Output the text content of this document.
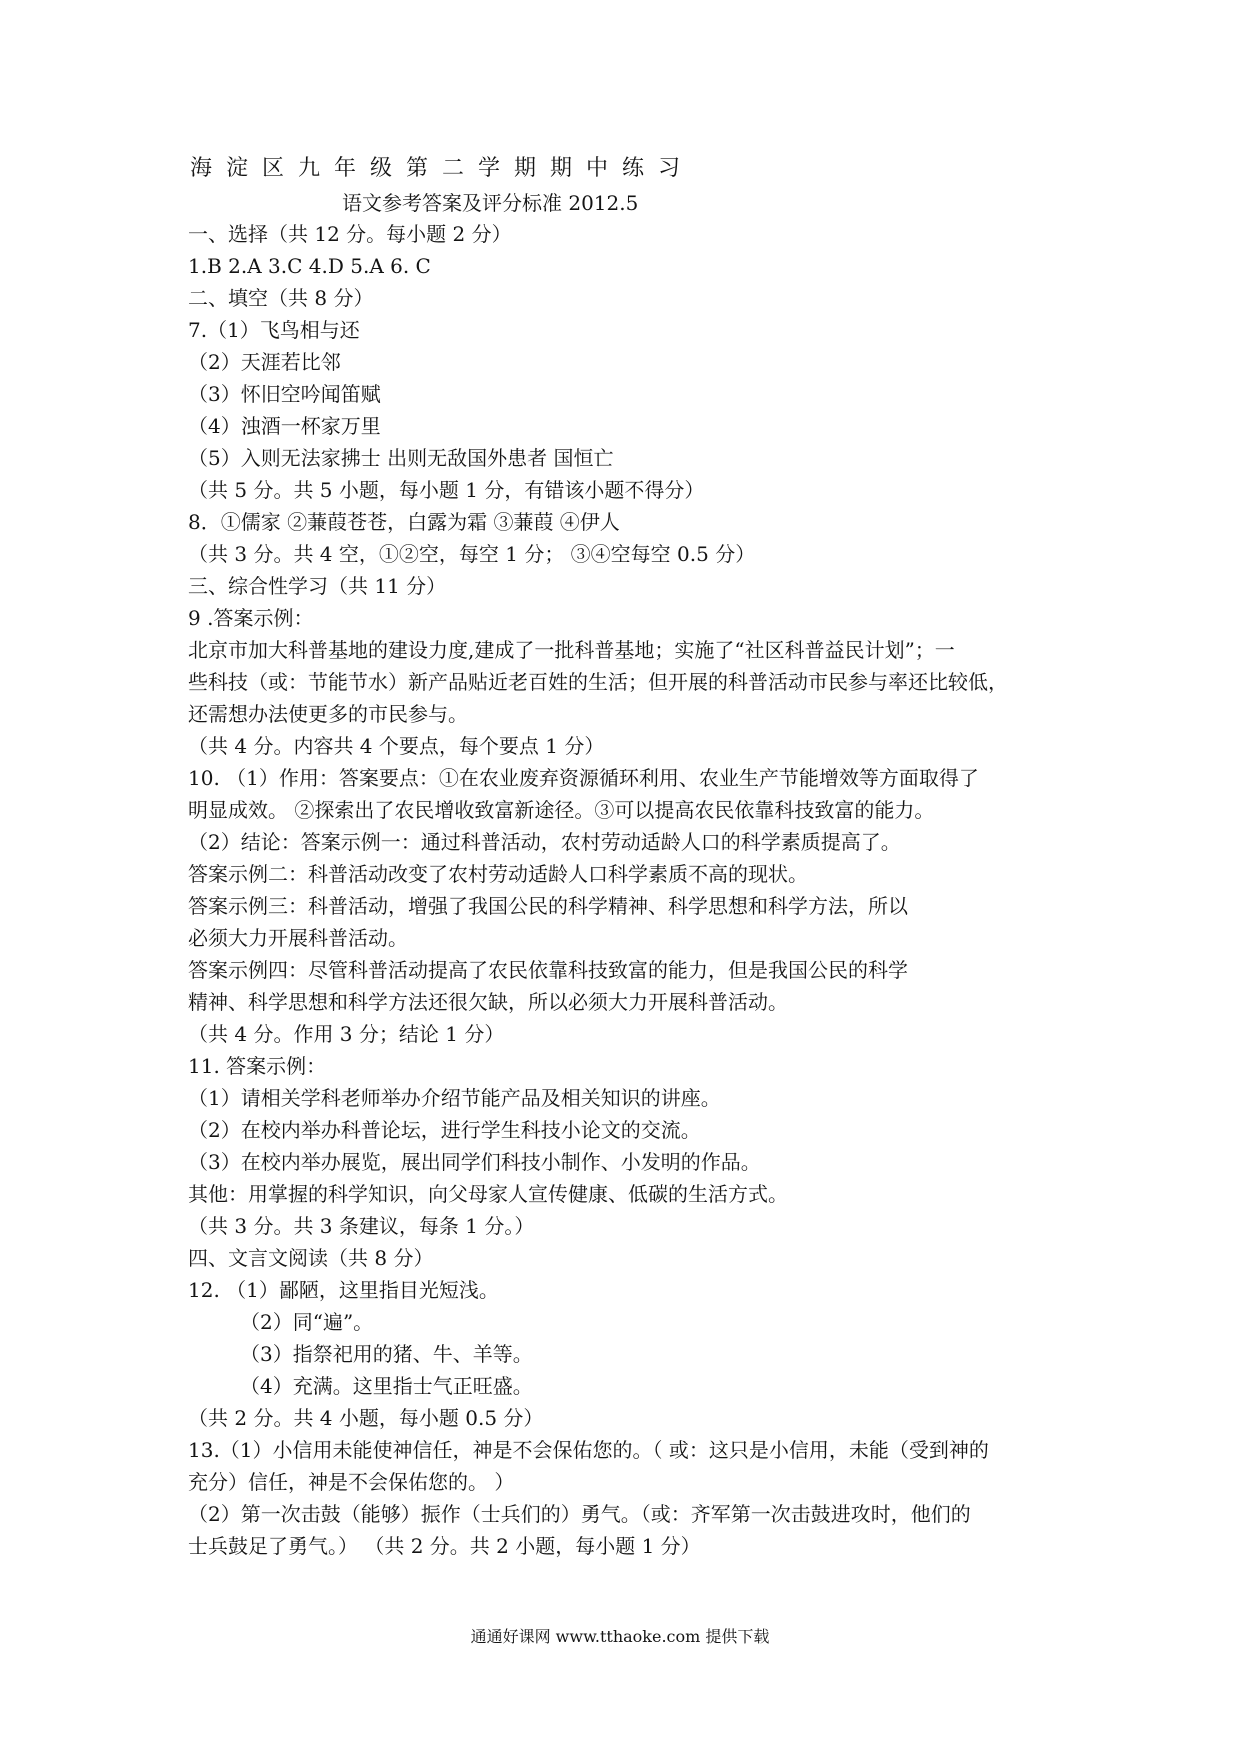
海淀区九年级第二学期期中练习
语文参考答案及评分标准 2012.5
一、选择（共 12 分。每小题 2 分）
1.B 2.A 3.C 4.D 5.A 6. C
二、填空（共 8 分）
7.（1）飞鸟相与还
（2）天涯若比邻
（3）怀旧空吟闻笛赋
（4）浊酒一杯家万里
（5）入则无法家拂士 出则无敌国外患者 国恒亡
（共 5 分。共 5 小题，每小题 1 分，有错该小题不得分）
8．①儒家 ②蒹葭苍苍，白露为霜 ③蒹葭 ④伊人
（共 3 分。共 4 空，①②空，每空 1 分； ③④空每空 0.5 分）
三、综合性学习（共 11 分）
9 .答案示例：
北京市加大科普基地的建设力度,建成了一批科普基地；实施了“社区科普益民计划”；一
些科技（或：节能节水）新产品贴近老百姓的生活；但开展的科普活动市民参与率还比较低，
还需想办法使更多的市民参与。
（共 4 分。内容共 4 个要点，每个要点 1 分）
10. （1）作用：答案要点：①在农业废弃资源循环利用、农业生产节能增效等方面取得了
明显成效。 ②探索出了农民增收致富新途径。③可以提高农民依靠科技致富的能力。
（2）结论：答案示例一：通过科普活动，农村劳动适龄人口的科学素质提高了。
答案示例二：科普活动改变了农村劳动适龄人口科学素质不高的现状。
答案示例三：科普活动，增强了我国公民的科学精神、科学思想和科学方法，所以
必须大力开展科普活动。
答案示例四：尽管科普活动提高了农民依靠科技致富的能力，但是我国公民的科学
精神、科学思想和科学方法还很欠缺，所以必须大力开展科普活动。
（共 4 分。作用 3 分；结论 1 分）
11. 答案示例：
（1）请相关学科老师举办介绍节能产品及相关知识的讲座。
（2）在校内举办科普论坛，进行学生科技小论文的交流。
（3）在校内举办展览，展出同学们科技小制作、小发明的作品。
其他：用掌握的科学知识，向父母家人宣传健康、低碳的生活方式。
（共 3 分。共 3 条建议，每条 1 分。）
四、文言文阅读（共 8 分）
12. （1）鄙陋，这里指目光短浅。
（2）同“遍”。
（3）指祭祀用的猪、牛、羊等。
（4）充满。这里指士气正旺盛。
（共 2 分。共 4 小题，每小题 0.5 分）
13.（1）小信用未能使神信任，神是不会保佑您的。（ 或：这只是小信用，未能（受到神的
充分）信任，神是不会保佑您的。 ）
（2）第一次击鼓（能够）振作（士兵们的）勇气。（或：齐军第一次击鼓进攻时，他们的
士兵鼓足了勇气。） （共 2 分。共 2 小题，每小题 1 分）
通通好课网 www.tthaoke.com 提供下载
